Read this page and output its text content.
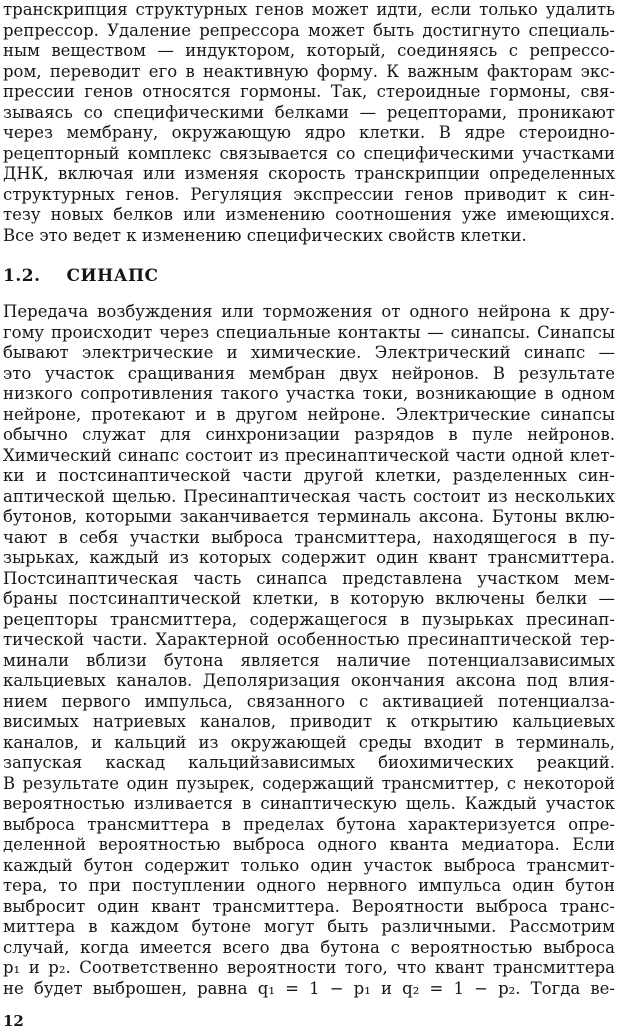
транскрипция структурных генов может идти, если только удалить
репрессор. Удаление репрессора может быть достигнуто специаль-
ным веществом — индуктором, который, соединяясь с репрессо-
ром, переводит его в неактивную форму. К важным факторам экс-
прессии генов относятся гормоны. Так, стероидные гормоны, свя-
зываясь со специфическими белками — рецепторами, проникают
через мембрану, окружающую ядро клетки. В ядре стероидно-
рецепторный комплекс связывается со специфическими участками
ДНК, включая или изменяя скорость транскрипции определенных
структурных генов. Регуляция экспрессии генов приводит к син-
тезу новых белков или изменению соотношения уже имеющихся.
Все это ведет к изменению специфических свойств клетки.
1.2. СИНАПС
Передача возбуждения или торможения от одного нейрона к дру-
гому происходит через специальные контакты — синапсы. Синапсы
бывают электрические и химические. Электрический синапс —
это участок сращивания мембран двух нейронов. В результате
низкого сопротивления такого участка токи, возникающие в одном
нейроне, протекают и в другом нейроне. Электрические синапсы
обычно служат для синхронизации разрядов в пуле нейронов.
Химический синапс состоит из пресинаптической части одной клет-
ки и постсинаптической части другой клетки, разделенных син-
аптической щелью. Пресинаптическая часть состоит из нескольких
бутонов, которыми заканчивается терминаль аксона. Бутоны вклю-
чают в себя участки выброса трансмиттера, находящегося в пу-
зырьках, каждый из которых содержит один квант трансмиттера.
Постсинаптическая часть синапса представлена участком мем-
браны постсинаптической клетки, в которую включены белки —
рецепторы трансмиттера, содержащегося в пузырьках пресинап-
тической части. Характерной особенностью пресинаптической тер-
минали вблизи бутона является наличие потенциалзависимых
кальциевых каналов. Деполяризация окончания аксона под влия-
нием первого импульса, связанного с активацией потенциалза-
висимых натриевых каналов, приводит к открытию кальциевых
каналов, и кальций из окружающей среды входит в терминаль,
запуская каскад кальцийзависимых биохимических реакций.
В результате один пузырек, содержащий трансмиттер, с некоторой
вероятностью изливается в синаптическую щель. Каждый участок
выброса трансмиттера в пределах бутона характеризуется опре-
деленной вероятностью выброса одного кванта медиатора. Если
каждый бутон содержит только один участок выброса трансмит-
тера, то при поступлении одного нервного импульса один бутон
выбросит один квант трансмиттера. Вероятности выброса транс-
миттера в каждом бутоне могут быть различными. Рассмотрим
случай, когда имеется всего два бутона с вероятностью выброса
p₁ и p₂. Соответственно вероятности того, что квант трансмиттера
не будет выброшен, равна q₁ = 1 − p₁ и q₂ = 1 − p₂. Тогда ве-
12
